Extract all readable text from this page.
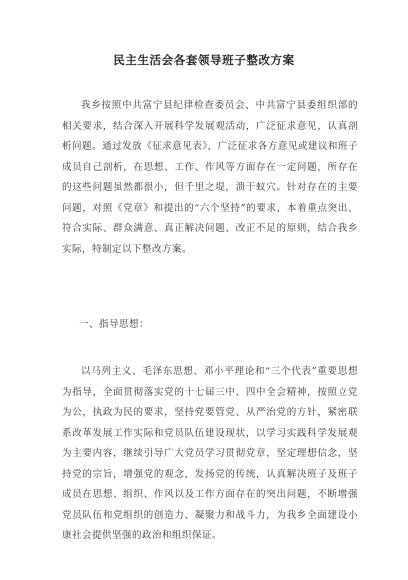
民主生活会各套领导班子整改方案

我乡按照中共富宁县纪律检查委员会、中共富宁县委组织部的相关要求，结合深入开展科学发展观活动，广泛征求意见，认真剖析问题。通过发放《征求意见表》，广泛征求各方意见或建议和班子成员自己剖析，在思想、工作、作风等方面存在一定问题，所存在的这些问题虽然都很小，但千里之堤，溃于蚁穴。针对存在的主要问题，对照《党章》和提出的“六个坚持”的要求，本着重点突出、符合实际、群众满意、真正解决问题、改正不足的原则，结合我乡实际，特制定以下整改方案。

一、指导思想：

以马列主义、毛泽东思想、邓小平理论和“三个代表”重要思想为指导，全面贯彻落实党的十七届三中、四中全会精神，按照立党为公，执政为民的要求，坚持党要管党、从严治党的方针，紧密联系改革发展工作实际和党员队伍建设现状，以学习实践科学发展观为主要内容，继续引导广大党员学习贯彻党章，坚定理想信念，坚持党的宗旨，增强党的观念，发扬党的传统，认真解决班子及班子成员在思想、组织、作风以及工作方面存在的突出问题，不断增强党员队伍和党组织的创造力、凝聚力和战斗力，为我乡全面建设小康社会提供坚强的政治和组织保证。
